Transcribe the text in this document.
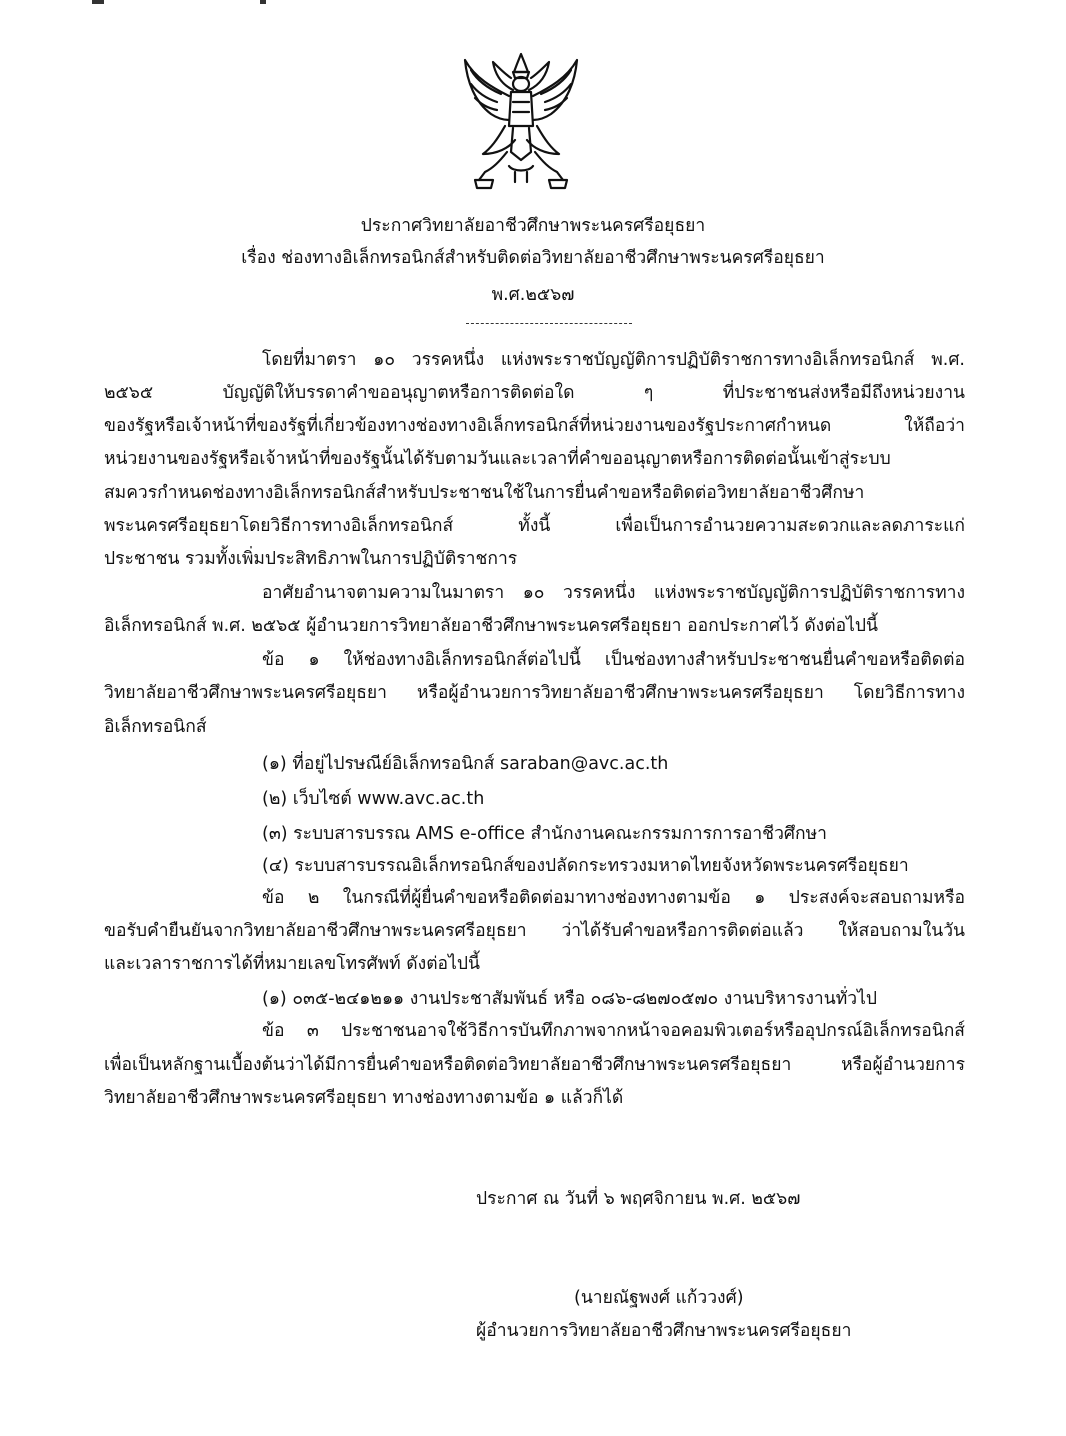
ประกาศวิทยาลัยอาชีวศึกษาพระนครศรีอยุธยา
เรื่อง ช่องทางอิเล็กทรอนิกส์สำหรับติดต่อวิทยาลัยอาชีวศึกษาพระนครศรีอยุธยา
พ.ศ.๒๕๖๗
โดยที่มาตรา ๑๐ วรรคหนึ่ง แห่งพระราชบัญญัติการปฏิบัติราชการทางอิเล็กทรอนิกส์ พ.ศ.
๒๕๖๕ บัญญัติให้บรรดาคำขออนุญาตหรือการติดต่อใด ๆ ที่ประชาชนส่งหรือมีถึงหน่วยงาน
ของรัฐหรือเจ้าหน้าที่ของรัฐที่เกี่ยวข้องทางช่องทางอิเล็กทรอนิกส์ที่หน่วยงานของรัฐประกาศกำหนด ให้ถือว่า
หน่วยงานของรัฐหรือเจ้าหน้าที่ของรัฐนั้นได้รับตามวันและเวลาที่คำขออนุญาตหรือการติดต่อนั้นเข้าสู่ระบบ
สมควรกำหนดช่องทางอิเล็กทรอนิกส์สำหรับประชาชนใช้ในการยื่นคำขอหรือติดต่อวิทยาลัยอาชีวศึกษา
พระนครศรีอยุธยาโดยวิธีการทางอิเล็กทรอนิกส์ ทั้งนี้ เพื่อเป็นการอำนวยความสะดวกและลดภาระแก่
ประชาชน รวมทั้งเพิ่มประสิทธิภาพในการปฏิบัติราชการ
อาศัยอำนาจตามความในมาตรา ๑๐ วรรคหนึ่ง แห่งพระราชบัญญัติการปฏิบัติราชการทาง
อิเล็กทรอนิกส์ พ.ศ. ๒๕๖๕ ผู้อำนวยการวิทยาลัยอาชีวศึกษาพระนครศรีอยุธยา ออกประกาศไว้ ดังต่อไปนี้
ข้อ ๑ ให้ช่องทางอิเล็กทรอนิกส์ต่อไปนี้ เป็นช่องทางสำหรับประชาชนยื่นคำขอหรือติดต่อ
วิทยาลัยอาชีวศึกษาพระนครศรีอยุธยา หรือผู้อำนวยการวิทยาลัยอาชีวศึกษาพระนครศรีอยุธยา โดยวิธีการทาง
อิเล็กทรอนิกส์
(๑) ที่อยู่ไปรษณีย์อิเล็กทรอนิกส์ saraban@avc.ac.th
(๒) เว็บไซต์ www.avc.ac.th
(๓) ระบบสารบรรณ AMS e-office สำนักงานคณะกรรมการการอาชีวศึกษา
(๔) ระบบสารบรรณอิเล็กทรอนิกส์ของปลัดกระทรวงมหาดไทยจังหวัดพระนครศรีอยุธยา
ข้อ ๒ ในกรณีที่ผู้ยื่นคำขอหรือติดต่อมาทางช่องทางตามข้อ ๑ ประสงค์จะสอบถามหรือ
ขอรับคำยืนยันจากวิทยาลัยอาชีวศึกษาพระนครศรีอยุธยา ว่าได้รับคำขอหรือการติดต่อแล้ว ให้สอบถามในวัน
และเวลาราชการได้ที่หมายเลขโทรศัพท์ ดังต่อไปนี้
(๑) ๐๓๕-๒๔๑๒๑๑ งานประชาสัมพันธ์ หรือ ๐๘๖-๘๒๗๐๕๗๐ งานบริหารงานทั่วไป
ข้อ ๓ ประชาชนอาจใช้วิธีการบันทึกภาพจากหน้าจอคอมพิวเตอร์หรืออุปกรณ์อิเล็กทรอนิกส์
เพื่อเป็นหลักฐานเบื้องต้นว่าได้มีการยื่นคำขอหรือติดต่อวิทยาลัยอาชีวศึกษาพระนครศรีอยุธยา หรือผู้อำนวยการ
วิทยาลัยอาชีวศึกษาพระนครศรีอยุธยา ทางช่องทางตามข้อ ๑ แล้วก็ได้
ประกาศ ณ วันที่ ๖ พฤศจิกายน พ.ศ. ๒๕๖๗
(นายณัฐพงศ์ แก้ววงศ์)
ผู้อำนวยการวิทยาลัยอาชีวศึกษาพระนครศรีอยุธยา
